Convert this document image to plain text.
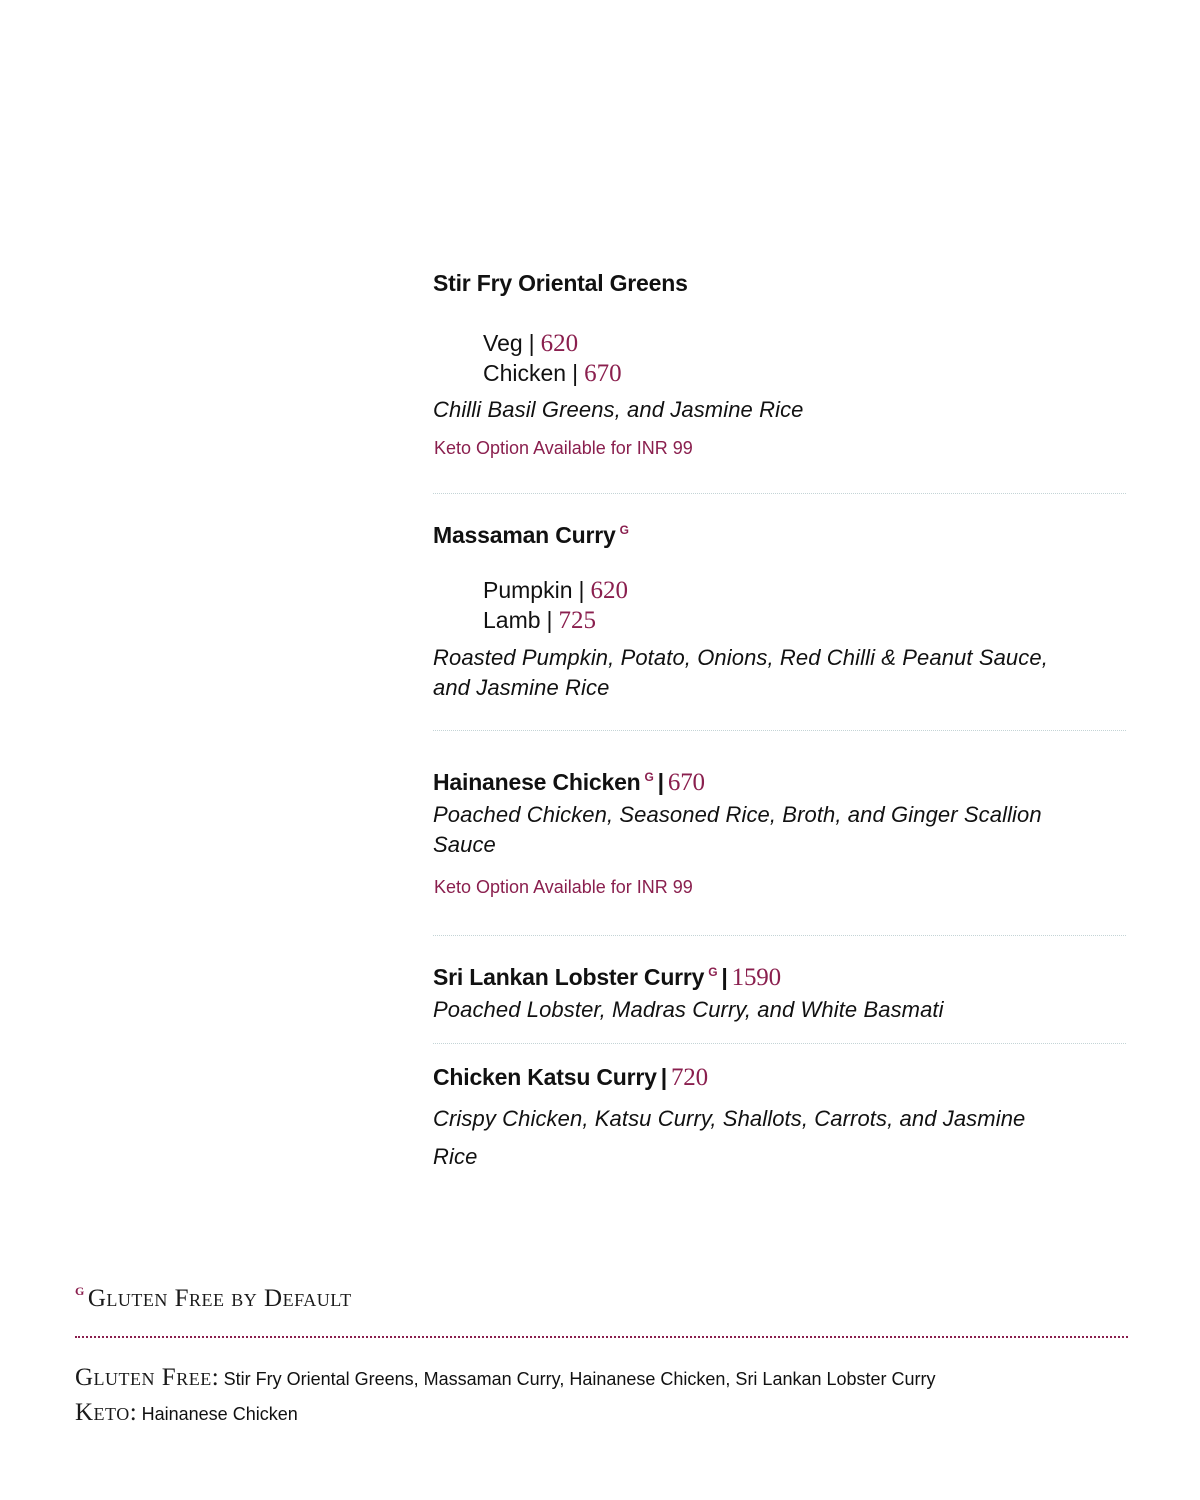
Stir Fry Oriental Greens
Veg | 620
Chicken | 670
Chilli Basil Greens, and Jasmine Rice
Keto Option Available for INR 99
Massaman Curry $^G$
Pumpkin | 620
Lamb | 725
Roasted Pumpkin, Potato, Onions, Red Chilli & Peanut Sauce, and Jasmine Rice
Hainanese Chicken $^G$ | 670
Poached Chicken, Seasoned Rice, Broth, and Ginger Scallion Sauce
Keto Option Available for INR 99
Sri Lankan Lobster Curry $^G$ | 1590
Poached Lobster, Madras Curry, and White Basmati
Chicken Katsu Curry | 720
Crispy Chicken, Katsu Curry, Shallots, Carrots, and Jasmine Rice
$^G$ Gluten Free by Default
Gluten Free: Stir Fry Oriental Greens, Massaman Curry, Hainanese Chicken, Sri Lankan Lobster Curry
Keto: Hainanese Chicken
